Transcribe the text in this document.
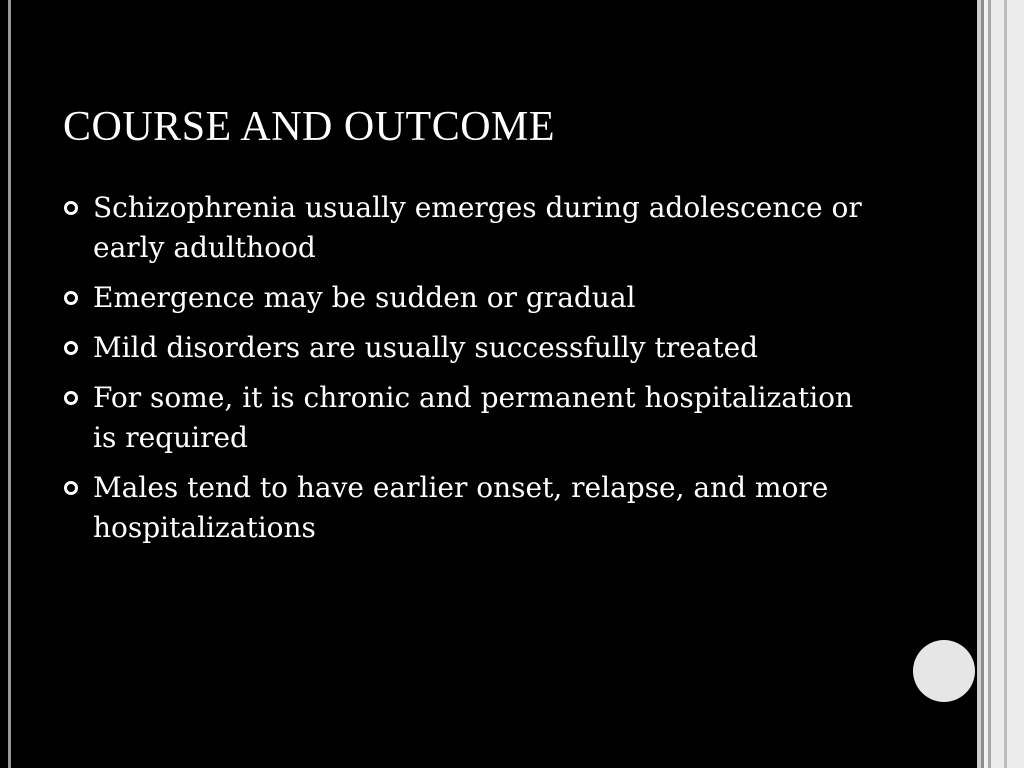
COURSE AND OUTCOME
Schizophrenia usually emerges during adolescence or early adulthood
Emergence may be sudden or gradual
Mild disorders are usually successfully treated
For some, it is chronic and permanent hospitalization is required
Males tend to have earlier onset, relapse, and more hospitalizations
